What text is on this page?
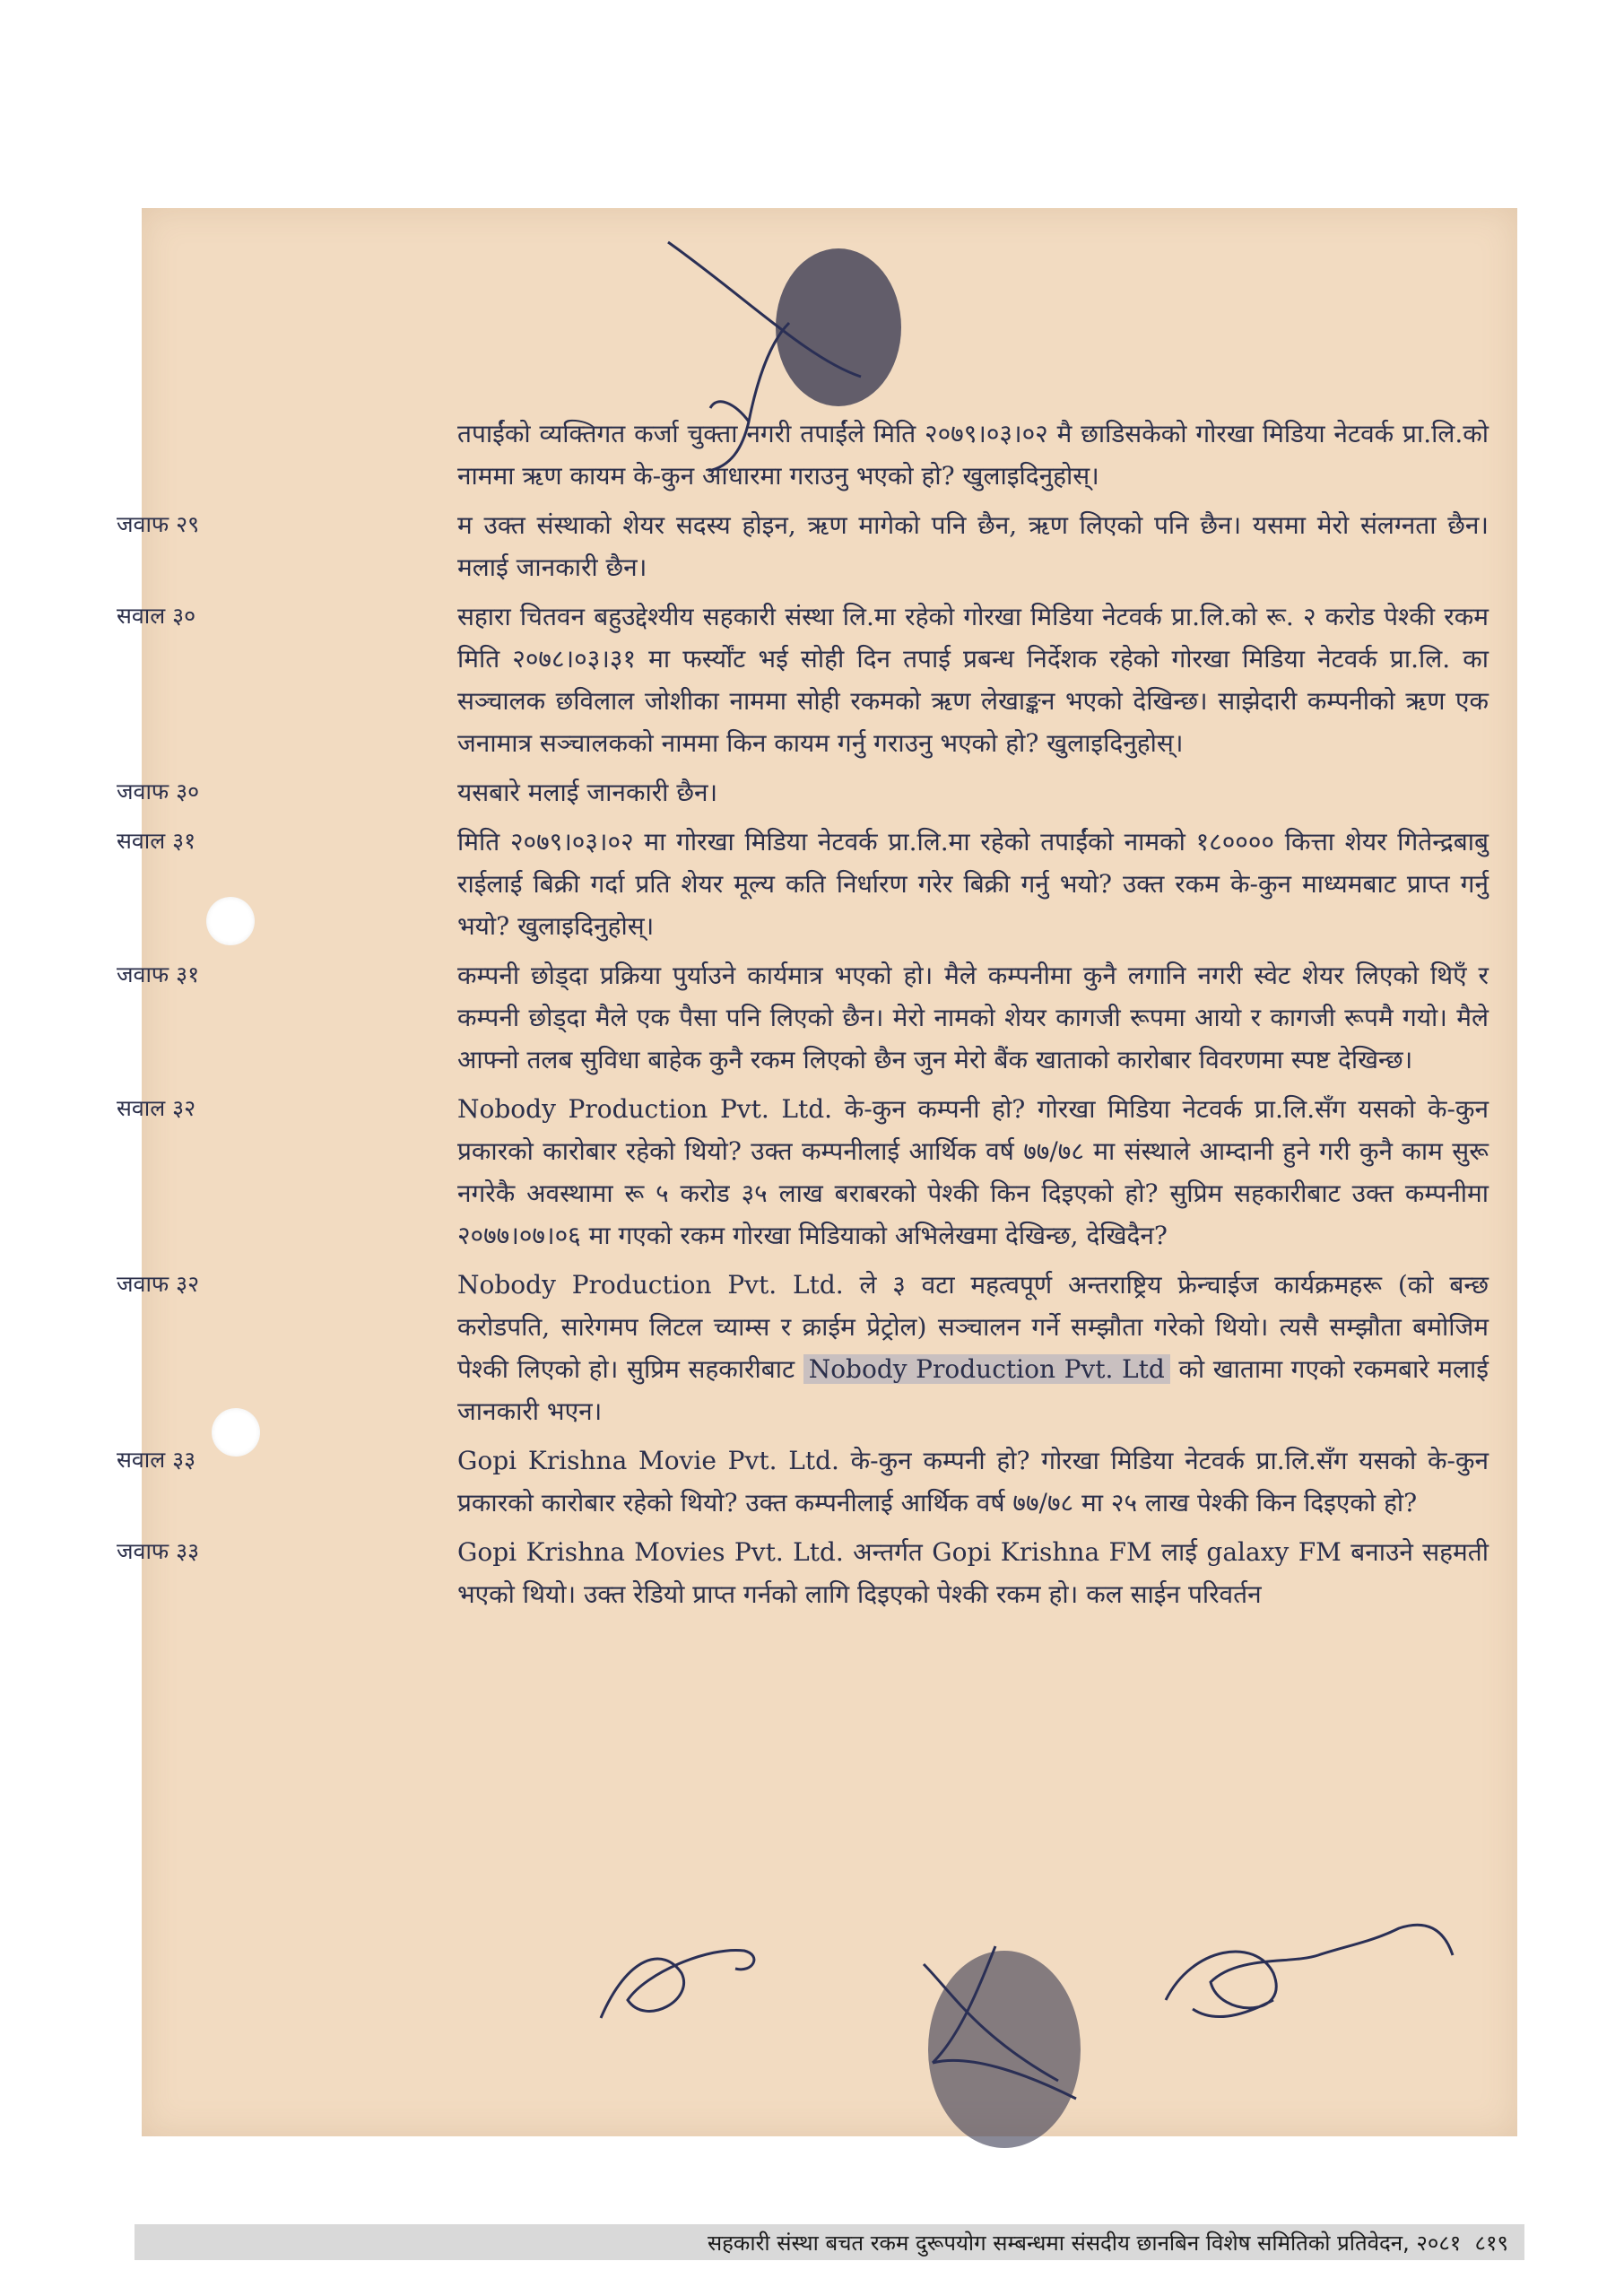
तपाईंको व्यक्तिगत कर्जा चुक्ता नगरी तपाईंले मिति २०७९।०३।०२ मै छाडिसकेको गोरखा मिडिया नेटवर्क प्रा.लि.को नाममा ऋण कायम के-कुन आधारमा गराउनु भएको हो? खुलाइदिनुहोस्।
जवाफ २९	म उक्त संस्थाको शेयर सदस्य होइन, ऋण मागेको पनि छैन, ऋण लिएको पनि छैन। यसमा मेरो संलग्नता छैन। मलाई जानकारी छैन।
सवाल ३०	सहारा चितवन बहुउद्देश्यीय सहकारी संस्था लि.मा रहेको गोरखा मिडिया नेटवर्क प्रा.लि.को रू. २ करोड पेश्की रकम मिति २०७८।०३।३१ मा फर्स्योंट भई सोही दिन तपाई प्रबन्ध निर्देशक रहेको गोरखा मिडिया नेटवर्क प्रा.लि. का सञ्चालक छविलाल जोशीका नाममा सोही रकमको ऋण लेखाङ्कन भएको देखिन्छ। साझेदारी कम्पनीको ऋण एक जनामात्र सञ्चालकको नाममा किन कायम गर्नु गराउनु भएको हो? खुलाइदिनुहोस्।
जवाफ ३०	यसबारे मलाई जानकारी छैन।
सवाल ३१	मिति २०७९।०३।०२ मा गोरखा मिडिया नेटवर्क प्रा.लि.मा रहेको तपाईंको नामको १८०००० कित्ता शेयर गितेन्द्रबाबु राईलाई बिक्री गर्दा प्रति शेयर मूल्य कति निर्धारण गरेर बिक्री गर्नु भयो? उक्त रकम के-कुन माध्यमबाट प्राप्त गर्नु भयो? खुलाइदिनुहोस्।
जवाफ ३१	कम्पनी छोड्दा प्रक्रिया पुर्याउने कार्यमात्र भएको हो। मैले कम्पनीमा कुनै लगानि नगरी स्वेट शेयर लिएको थिएँ र कम्पनी छोड्दा मैले एक पैसा पनि लिएको छैन। मेरो नामको शेयर कागजी रूपमा आयो र कागजी रूपमै गयो। मैले आफ्नो तलब सुविधा बाहेक कुनै रकम लिएको छैन जुन मेरो बैंक खाताको कारोबार विवरणमा स्पष्ट देखिन्छ।
सवाल ३२	Nobody Production Pvt. Ltd. के-कुन कम्पनी हो? गोरखा मिडिया नेटवर्क प्रा.लि.सँग यसको के-कुन प्रकारको कारोबार रहेको थियो? उक्त कम्पनीलाई आर्थिक वर्ष ७७/७८ मा संस्थाले आम्दानी हुने गरी कुनै काम सुरू नगरेकै अवस्थामा रू ५ करोड ३५ लाख बराबरको पेश्की किन दिइएको हो? सुप्रिम सहकारीबाट उक्त कम्पनीमा २०७७।०७।०६ मा गएको रकम गोरखा मिडियाको अभिलेखमा देखिन्छ, देखिदैन?
जवाफ ३२	Nobody Production Pvt. Ltd. ले ३ वटा महत्वपूर्ण अन्तराष्ट्रिय फ्रेन्चाईज कार्यक्रमहरू (को बन्छ करोडपति, सारेगमप लिटल च्याम्स र क्राईम प्रेट्रोल) सञ्चालन गर्ने सम्झौता गरेको थियो। त्यसै सम्झौता बमोजिम पेश्की लिएको हो। सुप्रिम सहकारीबाट Nobody Production Pvt. Ltd को खातामा गएको रकमबारे मलाई जानकारी भएन।
सवाल ३३	Gopi Krishna Movie Pvt. Ltd. के-कुन कम्पनी हो? गोरखा मिडिया नेटवर्क प्रा.लि.सँग यसको के-कुन प्रकारको कारोबार रहेको थियो? उक्त कम्पनीलाई आर्थिक वर्ष ७७/७८ मा २५ लाख पेश्की किन दिइएको हो?
जवाफ ३३	Gopi Krishna Movies Pvt. Ltd. अन्तर्गत Gopi Krishna FM लाई galaxy FM बनाउने सहमती भएको थियो। उक्त रेडियो प्राप्त गर्नको लागि दिइएको पेश्की रकम हो। कल साईन परिवर्तन
सहकारी संस्था बचत रकम दुरूपयोग सम्बन्धमा संसदीय छानबिन विशेष समितिको प्रतिवेदन, २०८१ ८१९
